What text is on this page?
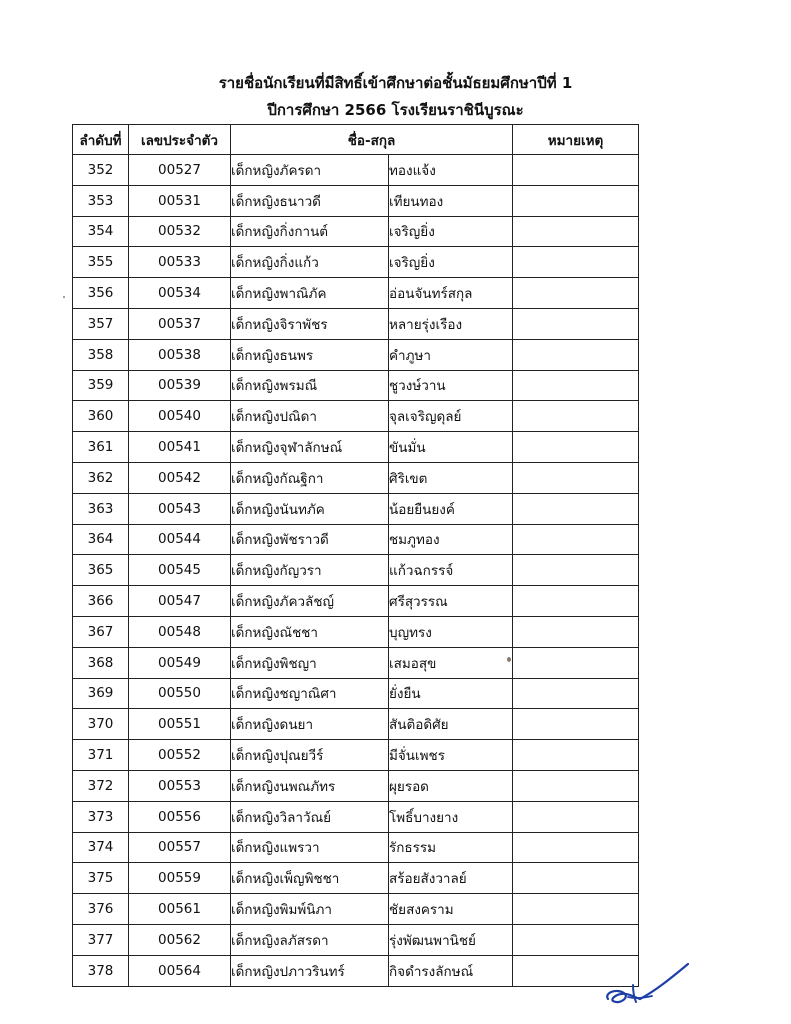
รายชื่อนักเรียนที่มีสิทธิ์เข้าศึกษาต่อชั้นมัธยมศึกษาปีที่ 1
ปีการศึกษา 2566 โรงเรียนราชินีบูรณะ
ลำดับที่	เลขประจำตัว	ชื่อ-สกุล		หมายเหตุ
352	00527	เด็กหญิงภัครดา	ทองแจ้ง	
353	00531	เด็กหญิงธนาวดี	เทียนทอง	
354	00532	เด็กหญิงกิ่งกานต์	เจริญยิ่ง	
355	00533	เด็กหญิงกิ่งแก้ว	เจริญยิ่ง	
356	00534	เด็กหญิงพาณิภัค	อ่อนจันทร์สกุล	
357	00537	เด็กหญิงจิราพัชร	หลายรุ่งเรือง	
358	00538	เด็กหญิงธนพร	คำภูษา	
359	00539	เด็กหญิงพรมณี	ชูวงษ์วาน	
360	00540	เด็กหญิงปณิดา	จุลเจริญดุลย์	
361	00541	เด็กหญิงจุฬาลักษณ์	ขันมั่น	
362	00542	เด็กหญิงกัณฐิกา	ศิริเขต	
363	00543	เด็กหญิงนันทภัค	น้อยยืนยงค์	
364	00544	เด็กหญิงพัชราวดี	ชมภูทอง	
365	00545	เด็กหญิงกัญวรา	แก้วฉกรรจ์	
366	00547	เด็กหญิงภัควลัชญ์	ศรีสุวรรณ	
367	00548	เด็กหญิงณัชชา	บุญทรง	
368	00549	เด็กหญิงพิชญา	เสมอสุข	
369	00550	เด็กหญิงชญาณิศา	ยั่งยืน	
370	00551	เด็กหญิงดนยา	สันติอดิศัย	
371	00552	เด็กหญิงปุณยวีร์	มีจั่นเพชร	
372	00553	เด็กหญิงนพณภัทร	ผุยรอด	
373	00556	เด็กหญิงวิลาวัณย์	โพธิ์บางยาง	
374	00557	เด็กหญิงแพรวา	รักธรรม	
375	00559	เด็กหญิงเพ็ญพิชชา	สร้อยสังวาลย์	
376	00561	เด็กหญิงพิมพ์นิภา	ชัยสงคราม	
377	00562	เด็กหญิงลภัสรดา	รุ่งพัฒนพานิชย์	
378	00564	เด็กหญิงปภาวรินทร์	กิจดำรงลักษณ์	
